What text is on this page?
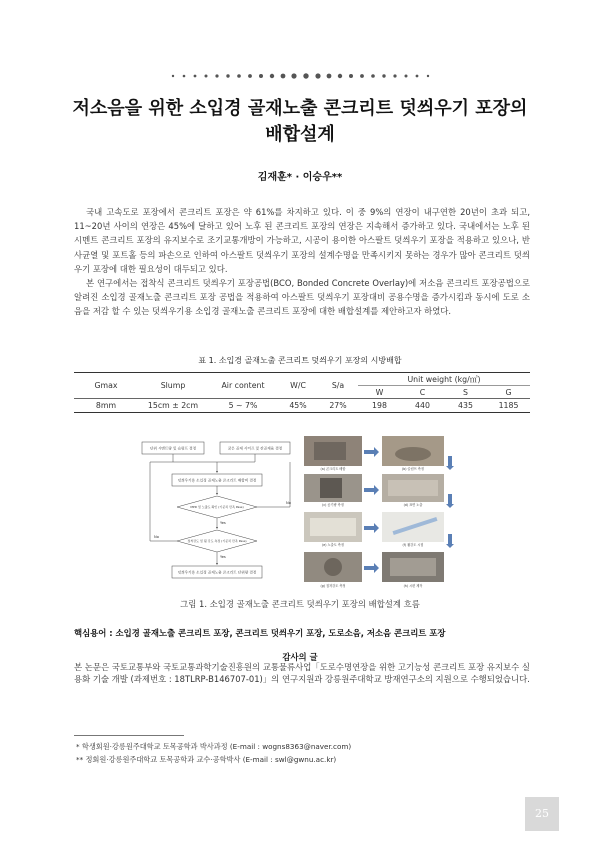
저소음을 위한 소입경 골재노출 콘크리트 덧씌우기 포장의
배합설계
김재훈* · 이승우**

국내 고속도로 포장에서 콘크리트 포장은 약 61%를 차지하고 있다. 이 중 9%의 연장이 내구연한 20년이 초과 되고, 11~20년 사이의 연장은 45%에 달하고 있어 노후 된 콘크리트 포장의 연장은 지속해서 증가하고 있다. 국내에서는 노후 된 시멘트 콘크리트 포장의 유지보수로 조기교통개방이 가능하고, 시공이 용이한 아스팔트 덧씌우기 포장을 적용하고 있으나, 반사균열 및 포트홀 등의 파손으로 인하여 아스팔트 덧씌우기 포장의 설계수명을 만족시키지 못하는 경우가 많아 콘크리트 덧씌우기 포장에 대한 필요성이 대두되고 있다.

본 연구에서는 접착식 콘크리트 덧씌우기 포장공법(BCO, Bonded Concrete Overlay)에 저소음 콘크리트 포장공법으로 알려진 소입경 골재노출 콘크리트 포장 공법을 적용하여 아스팔트 덧씌우기 포장대비 공용수명을 증가시킴과 동시에 도로 소음을 저감 할 수 있는 덧씌우기용 소입경 골재노출 콘크리트 포장에 대한 배합설계를 제안하고자 하였다.

표 1. 소입경 골재노출 콘크리트 덧씌우기 포장의 시방배합
Gmax	Slump	Air content	W/C	S/a	Unit weight (kg/㎥)			
					W	C	S	G
8mm	15cm ± 2cm	5 ~ 7%	45%	27%	198	440	435	1185
단위 시멘트량 및 슬럼프 결정	굵은 골재 사이즈 및 잔골재율 결정
덧씌우기용 소입경 골재노출 콘크리트 배합비 결정
MPD 및 노출도 확인 (기준치 만족 Pass)
Yes
No
접착강도 및 휨 강도 측정 (기준치 만족 Pass)
No
Yes
덧씌우기용 소입경 골재노출 콘크리트 단위량 결정
(a) 콘크리트 배합	(b) 슬럼프 측정
(c) 공기량 측정	(d) 표면 노출
(e) 노출도 측정	(f) 휨강도 시험
(g) 접착강도 측정	(h) 시편 제작
그림 1. 소입경 골재노출 콘크리트 덧씌우기 포장의 배합설계 흐름
핵심용어 : 소입경 골재노출 콘크리트 포장, 콘크리트 덧씌우기 포장, 도로소음, 저소음 콘크리트 포장
감사의 글

본 논문은 국토교통부와 국토교통과학기술진흥원의 교통물류사업「도로수명연장을 위한 고기능성 콘크리트 포장 유지보수 실용화 기술 개발 (과제번호 : 18TLRP-B146707-01)」의 연구지원과 강릉원주대학교 방재연구소의 지원으로 수행되었습니다.

* 학생회원·강릉원주대학교 토목공학과 박사과정 (E-mail : wogns8363@naver.com)
** 정회원·강릉원주대학교 토목공학과 교수·공학박사 (E-mail : swl@gwnu.ac.kr)
25
